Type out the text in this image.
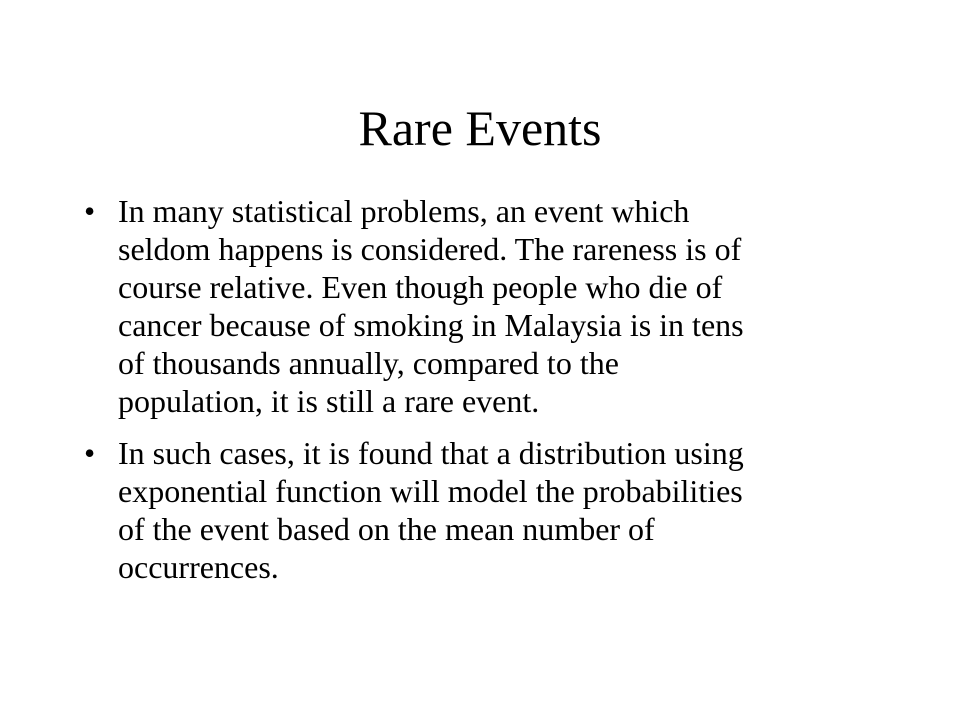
Rare Events
• In many statistical problems, an event which
seldom happens is considered. The rareness is of
course relative. Even though people who die of
cancer because of smoking in Malaysia is in tens
of thousands annually, compared to the
population, it is still a rare event.
• In such cases, it is found that a distribution using
exponential function will model the probabilities
of the event based on the mean number of
occurrences.
